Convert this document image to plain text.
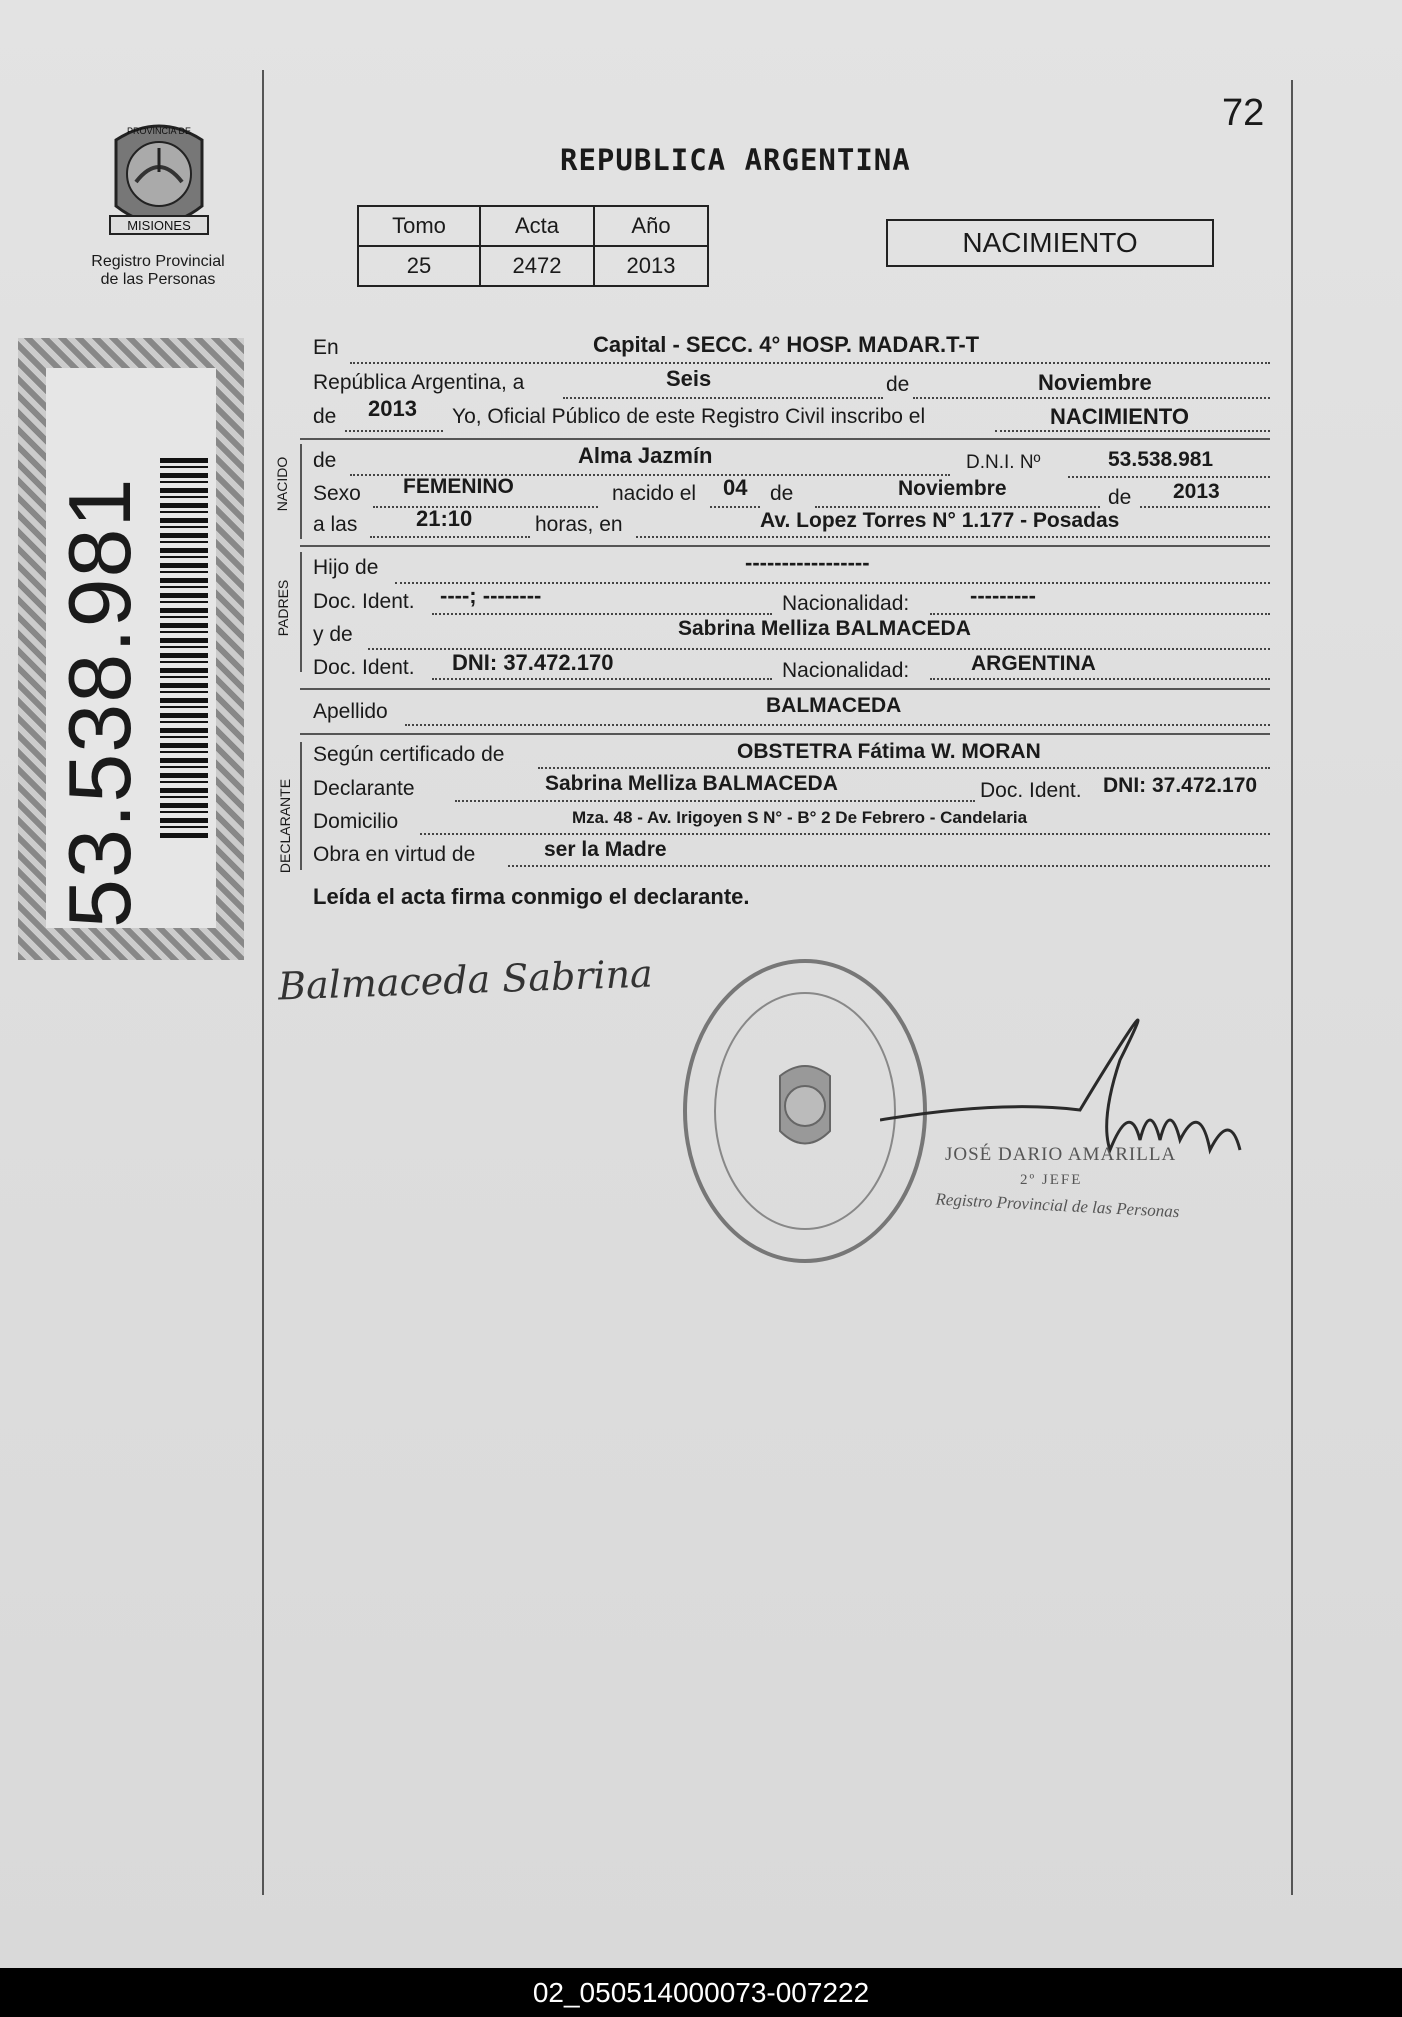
MISIONES
PROVINCIA DE
Registro Provincial
de las Personas
53.538.981
72
REPUBLICA ARGENTINA
Tomo	Acta	Año
25	2472	2013
NACIMIENTO
En	Capital - SECC. 4° HOSP. MADAR.T-T
República Argentina, a	Seis	de	Noviembre
de 2013 Yo, Oficial Público de este Registro Civil inscribo el	NACIMIENTO
NACIDO de	Alma Jazmín	D.N.I. Nº	53.538.981
Sexo FEMENINO	nacido el 04 de	Noviembre	de 2013
a las	21:10	horas, en	Av. Lopez Torres N° 1.177 - Posadas
PADRES
Hijo de	-----------------
Doc. Ident. ----; --------	Nacionalidad:	---------
y de	Sabrina Melliza BALMACEDA
Doc. Ident. DNI: 37.472.170	Nacionalidad:	ARGENTINA
Apellido	BALMACEDA
DECLARANTE
Según certificado de	OBSTETRA Fátima W. MORAN
Declarante	Sabrina Melliza BALMACEDA	Doc. Ident. DNI: 37.472.170
Domicilio	Mza. 48 - Av. Irigoyen S N° - B° 2 De Febrero - Candelaria
Obra en virtud de	ser la Madre
Leída el acta firma conmigo el declarante.
Balmaceda Sabrina
JOSÉ DARIO AMARILLA
2º JEFE
Registro Provincial de las Personas
02_050514000073-007222
